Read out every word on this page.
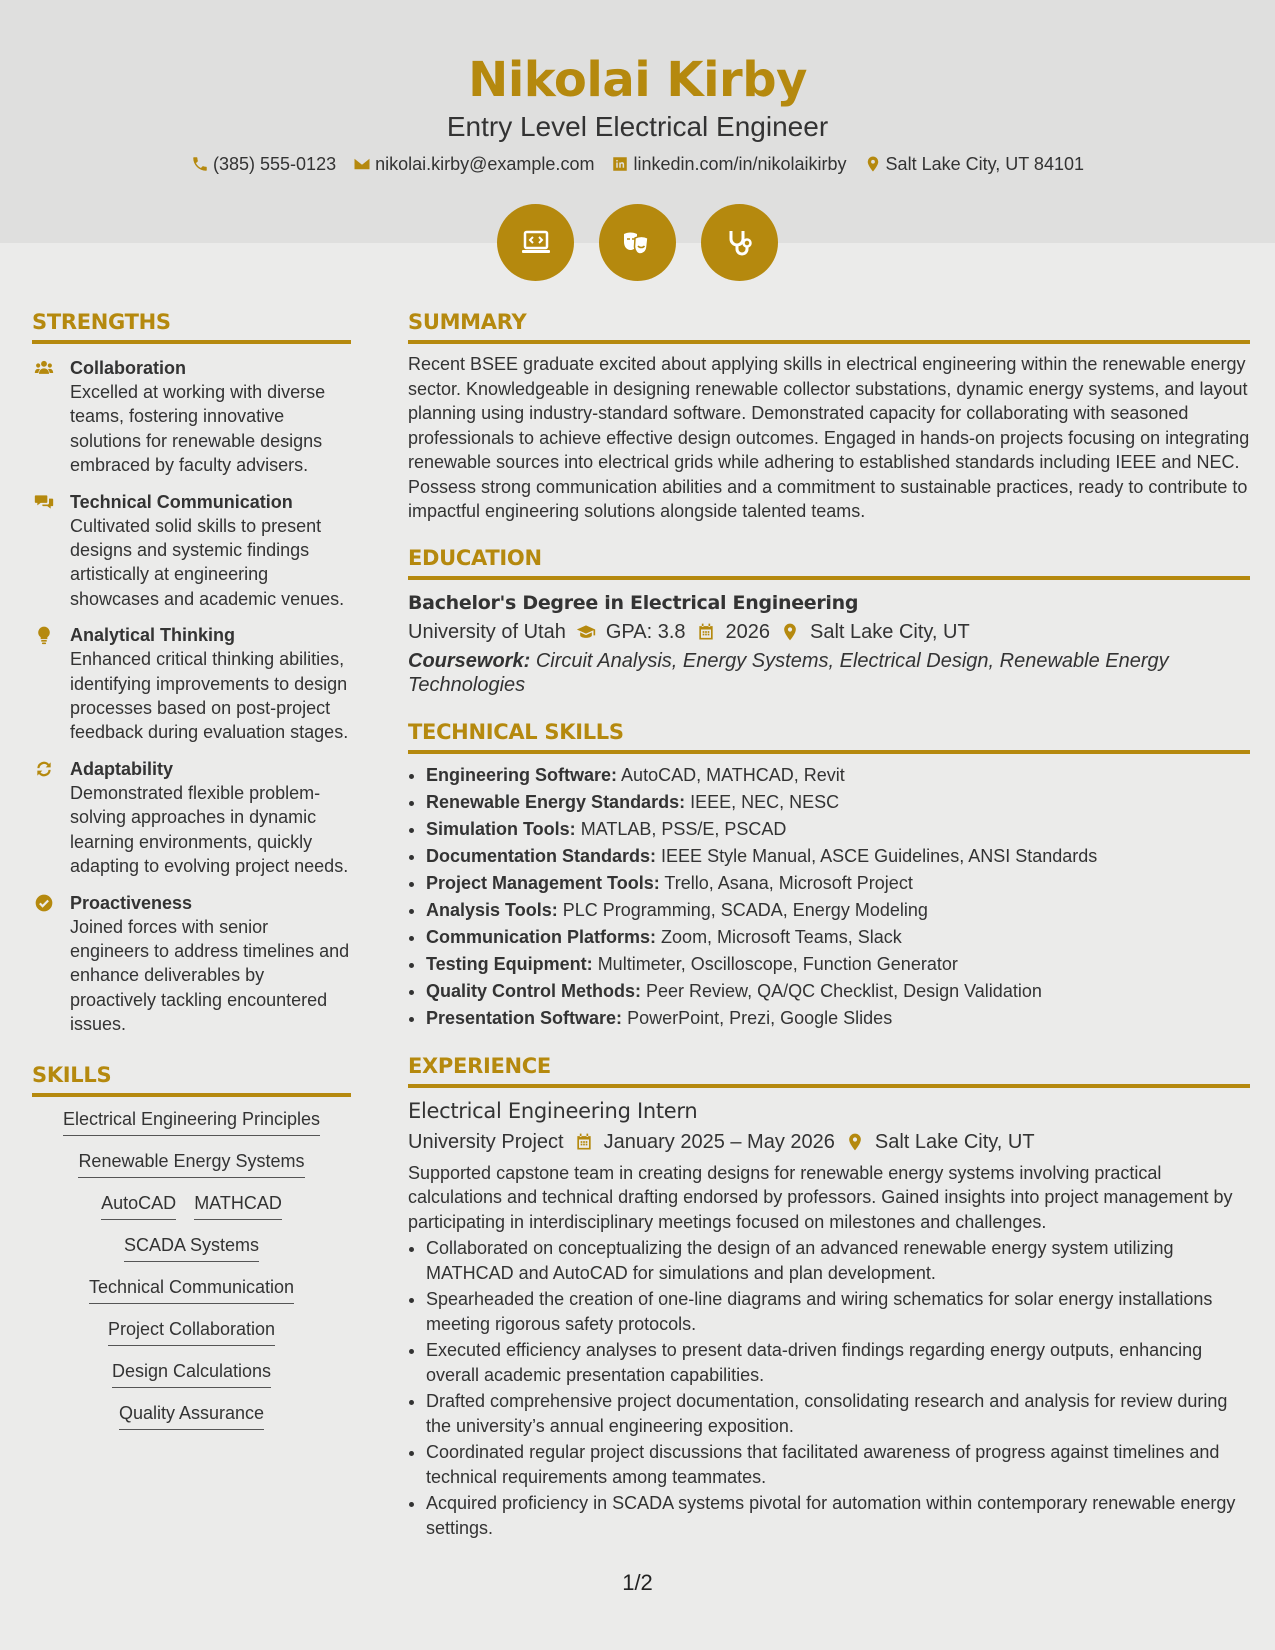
Nikolai Kirby
Entry Level Electrical Engineer
(385) 555-0123 nikolai.kirby@example.com linkedin.com/in/nikolaikirby Salt Lake City, UT 84101
STRENGTHS
Collaboration
Excelled at working with diverse teams, fostering innovative solutions for renewable designs embraced by faculty advisers.
Technical Communication
Cultivated solid skills to present designs and systemic findings artistically at engineering showcases and academic venues.
Analytical Thinking
Enhanced critical thinking abilities, identifying improvements to design processes based on post-project feedback during evaluation stages.
Adaptability
Demonstrated flexible problem-solving approaches in dynamic learning environments, quickly adapting to evolving project needs.
Proactiveness
Joined forces with senior engineers to address timelines and enhance deliverables by proactively tackling encountered issues.
SKILLS
Electrical Engineering Principles
Renewable Energy Systems
AutoCAD MATHCAD
SCADA Systems
Technical Communication
Project Collaboration
Design Calculations
Quality Assurance
SUMMARY
Recent BSEE graduate excited about applying skills in electrical engineering within the renewable energy sector. Knowledgeable in designing renewable collector substations, dynamic energy systems, and layout planning using industry-standard software. Demonstrated capacity for collaborating with seasoned professionals to achieve effective design outcomes. Engaged in hands-on projects focusing on integrating renewable sources into electrical grids while adhering to established standards including IEEE and NEC. Possess strong communication abilities and a commitment to sustainable practices, ready to contribute to impactful engineering solutions alongside talented teams.
EDUCATION
Bachelor's Degree in Electrical Engineering
University of Utah GPA: 3.8 2026 Salt Lake City, UT
Coursework: Circuit Analysis, Energy Systems, Electrical Design, Renewable Energy Technologies
TECHNICAL SKILLS
• Engineering Software: AutoCAD, MATHCAD, Revit
• Renewable Energy Standards: IEEE, NEC, NESC
• Simulation Tools: MATLAB, PSS/E, PSCAD
• Documentation Standards: IEEE Style Manual, ASCE Guidelines, ANSI Standards
• Project Management Tools: Trello, Asana, Microsoft Project
• Analysis Tools: PLC Programming, SCADA, Energy Modeling
• Communication Platforms: Zoom, Microsoft Teams, Slack
• Testing Equipment: Multimeter, Oscilloscope, Function Generator
• Quality Control Methods: Peer Review, QA/QC Checklist, Design Validation
• Presentation Software: PowerPoint, Prezi, Google Slides
EXPERIENCE
Electrical Engineering Intern
University Project January 2025 – May 2026 Salt Lake City, UT
Supported capstone team in creating designs for renewable energy systems involving practical calculations and technical drafting endorsed by professors. Gained insights into project management by participating in interdisciplinary meetings focused on milestones and challenges.
• Collaborated on conceptualizing the design of an advanced renewable energy system utilizing MATHCAD and AutoCAD for simulations and plan development.
• Spearheaded the creation of one-line diagrams and wiring schematics for solar energy installations meeting rigorous safety protocols.
• Executed efficiency analyses to present data-driven findings regarding energy outputs, enhancing overall academic presentation capabilities.
• Drafted comprehensive project documentation, consolidating research and analysis for review during the university’s annual engineering exposition.
• Coordinated regular project discussions that facilitated awareness of progress against timelines and technical requirements among teammates.
• Acquired proficiency in SCADA systems pivotal for automation within contemporary renewable energy settings.
1/2
